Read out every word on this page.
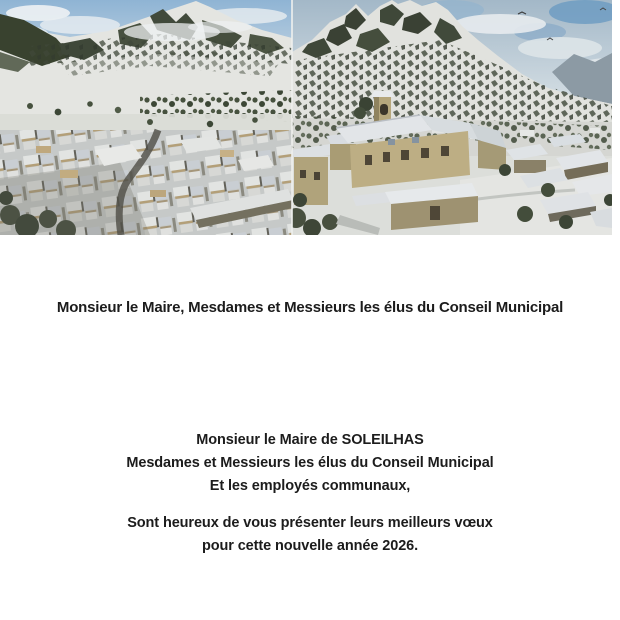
Monsieur le Maire, Mesdames et Messieurs les élus du Conseil Municipal

Monsieur le Maire de SOLEILHAS

Mesdames et Messieurs les élus du Conseil Municipal

Et les employés communaux,

Sont heureux de vous présenter leurs meilleurs vœux

pour cette nouvelle année 2026.
